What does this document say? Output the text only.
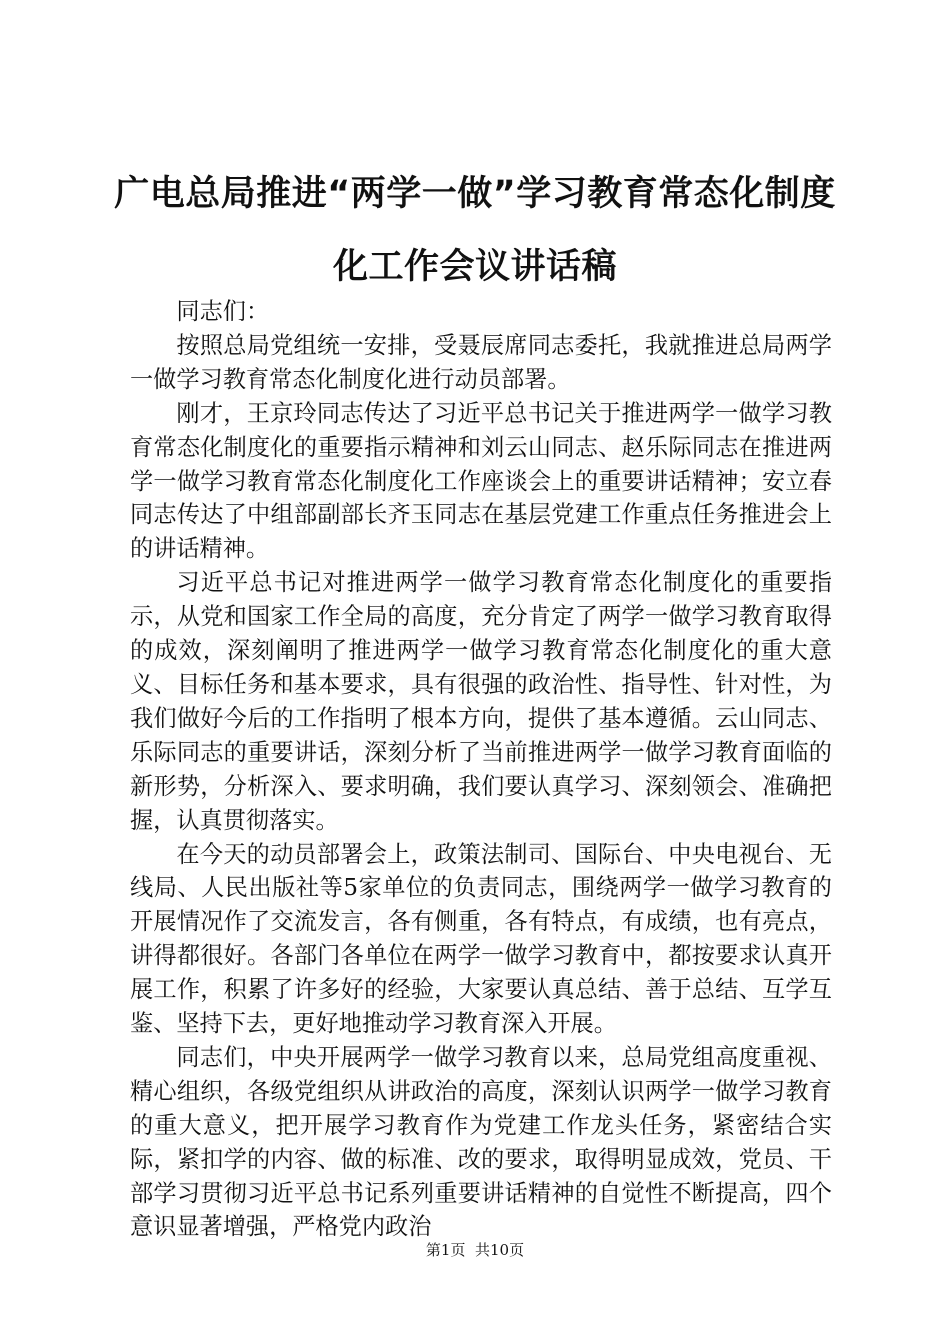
广电总局推进“两学一做”学习教育常态化制度化工作会议讲话稿

同志们：

按照总局党组统一安排，受聂辰席同志委托，我就推进总局两学一做学习教育常态化制度化进行动员部署。

刚才，王京玲同志传达了习近平总书记关于推进两学一做学习教育常态化制度化的重要指示精神和刘云山同志、赵乐际同志在推进两学一做学习教育常态化制度化工作座谈会上的重要讲话精神；安立春同志传达了中组部副部长齐玉同志在基层党建工作重点任务推进会上的讲话精神。

习近平总书记对推进两学一做学习教育常态化制度化的重要指示，从党和国家工作全局的高度，充分肯定了两学一做学习教育取得的成效，深刻阐明了推进两学一做学习教育常态化制度化的重大意义、目标任务和基本要求，具有很强的政治性、指导性、针对性，为我们做好今后的工作指明了根本方向，提供了基本遵循。云山同志、乐际同志的重要讲话，深刻分析了当前推进两学一做学习教育面临的新形势，分析深入、要求明确，我们要认真学习、深刻领会、准确把握，认真贯彻落实。

在今天的动员部署会上，政策法制司、国际台、中央电视台、无线局、人民出版社等5家单位的负责同志，围绕两学一做学习教育的开展情况作了交流发言，各有侧重，各有特点，有成绩，也有亮点，讲得都很好。各部门各单位在两学一做学习教育中，都按要求认真开展工作，积累了许多好的经验，大家要认真总结、善于总结、互学互鉴、坚持下去，更好地推动学习教育深入开展。

同志们，中央开展两学一做学习教育以来，总局党组高度重视、精心组织，各级党组织从讲政治的高度，深刻认识两学一做学习教育的重大意义，把开展学习教育作为党建工作龙头任务，紧密结合实际，紧扣学的内容、做的标准、改的要求，取得明显成效，党员、干部学习贯彻习近平总书记系列重要讲话精神的自觉性不断提高，四个意识显著增强，严格党内政治

第1页 共10页
